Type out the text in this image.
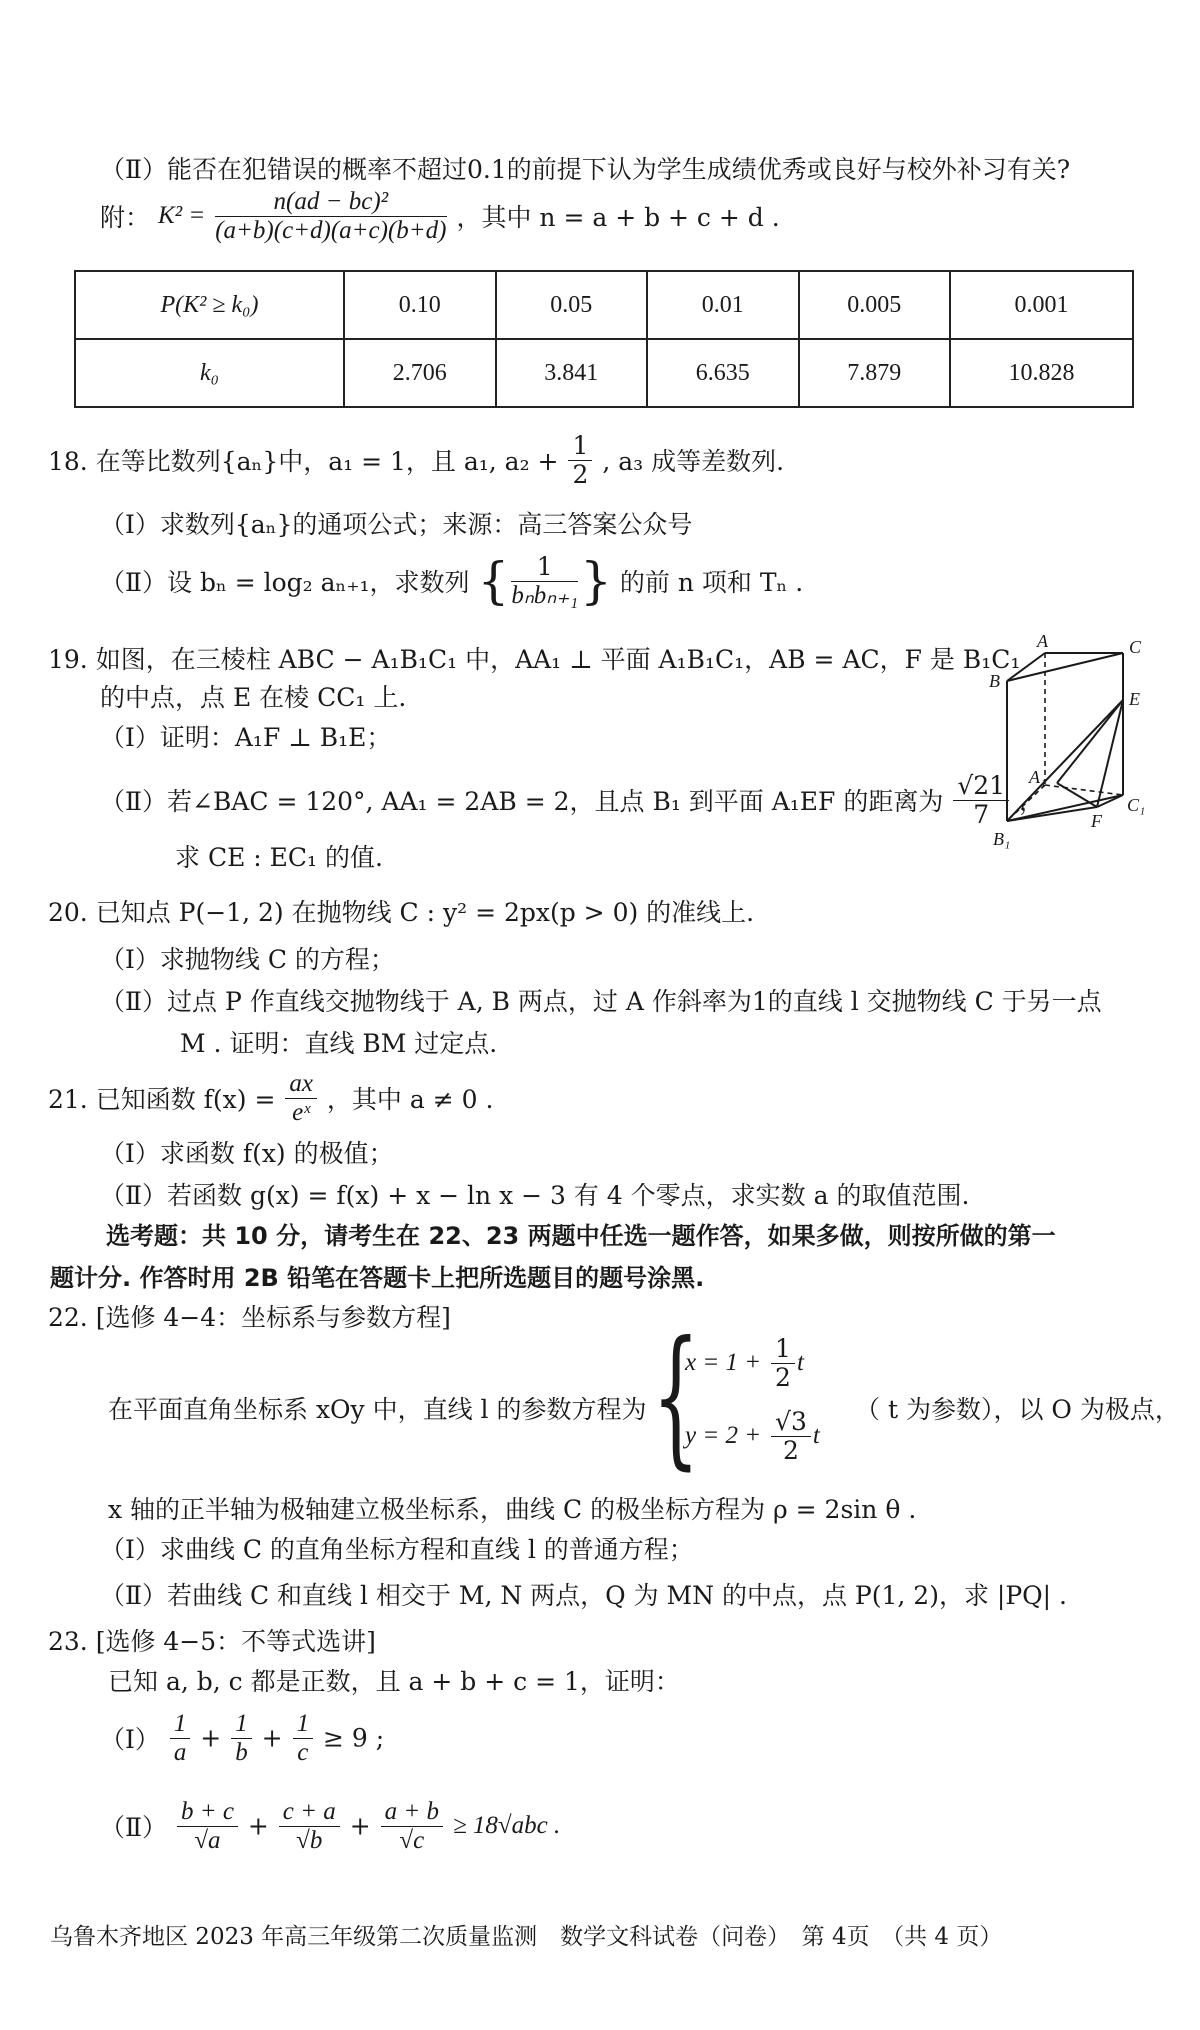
（Ⅱ）能否在犯错误的概率不超过0.1的前提下认为学生成绩优秀或良好与校外补习有关?
附： $K^2 = \frac{\text{n(ad − bc)²}}{(a+b)(c+d)(a+c)(b+d)}$ ，其中 n = a + b + c + d .
P(K² ≥ k₀)	0.10	0.05	0.01	0.005	0.001
k₀	2.706	3.841	6.635	7.879	10.828
18. 在等比数列{aₙ}中，a₁ = 1，且 a₁, $a_2 + \frac{1}{2}$ , a₃ 成等差数列.
（Ⅰ）求数列{aₙ}的通项公式；来源：高三答案公众号
（Ⅱ）设 bₙ = log₂ aₙ₊₁，求数列 { $\frac{1}{\text{bₙbₙ₊₁}}$ } 的前 n 项和 Tₙ .
19. 如图，在三棱柱 ABC − A₁B₁C₁ 中，AA₁ ⊥ 平面 A₁B₁C₁，AB = AC，F 是 B₁C₁
的中点，点 E 在棱 CC₁ 上.
（Ⅰ）证明：A₁F ⊥ B₁E；
（Ⅱ）若∠BAC = 120°, AA₁ = 2AB = 2，且点 B₁ 到平面 A₁EF 的距离为 $\frac{√21}{7}$ ，
求 CE : EC₁ 的值.
A	C
B
E
A₁
C₁
F
B₁
20. 已知点 P(−1, 2) 在抛物线 C : y² = 2px(p > 0) 的准线上.
（Ⅰ）求抛物线 C 的方程；
（Ⅱ）过点 P 作直线交抛物线于 A, B 两点，过 A 作斜率为1的直线 l 交抛物线 C 于另一点
M . 证明：直线 BM 过定点.
21. 已知函数 $f(x) = \frac{ax}{\text{eˣ}}$ ，其中 a ≠ 0 .
（Ⅰ）求函数 f(x) 的极值；
（Ⅱ）若函数 g(x) = f(x) + x − ln x − 3 有 4 个零点，求实数 a 的取值范围.
选考题：共 10 分，请考生在 22、23 两题中任选一题作答，如果多做，则按所做的第一
题计分. 作答时用 2B 铅笔在答题卡上把所选题目的题号涂黑.
22. [选修 4−4：坐标系与参数方程]
在平面直角坐标系 xOy 中，直线 l 的参数方程为 {
$x = 1 + \frac{1}{2}$ t
$y = 2 + \frac{√3}{2}$ t
（ t 为参数），以 O 为极点，
x 轴的正半轴为极轴建立极坐标系，曲线 C 的极坐标方程为 ρ = 2sin θ .
（Ⅰ）求曲线 C 的直角坐标方程和直线 l 的普通方程；
（Ⅱ）若曲线 C 和直线 l 相交于 M, N 两点，Q 为 MN 的中点，点 P(1, 2)，求 |PQ| .
23. [选修 4−5：不等式选讲]
已知 a, b, c 都是正数，且 a + b + c = 1，证明：
（Ⅰ） $\frac{1}{a} + \frac{1}{b} + \frac{1}{c} \ge 9$ ;
（Ⅱ） $\frac{b + c}{√a} + \frac{c + a}{√b} + \frac{a + b}{√c} \ge 18√abc$ .
乌鲁木齐地区 2023 年高三年级第二次质量监测　数学文科试卷（问卷）　第 4页　（共 4 页）
